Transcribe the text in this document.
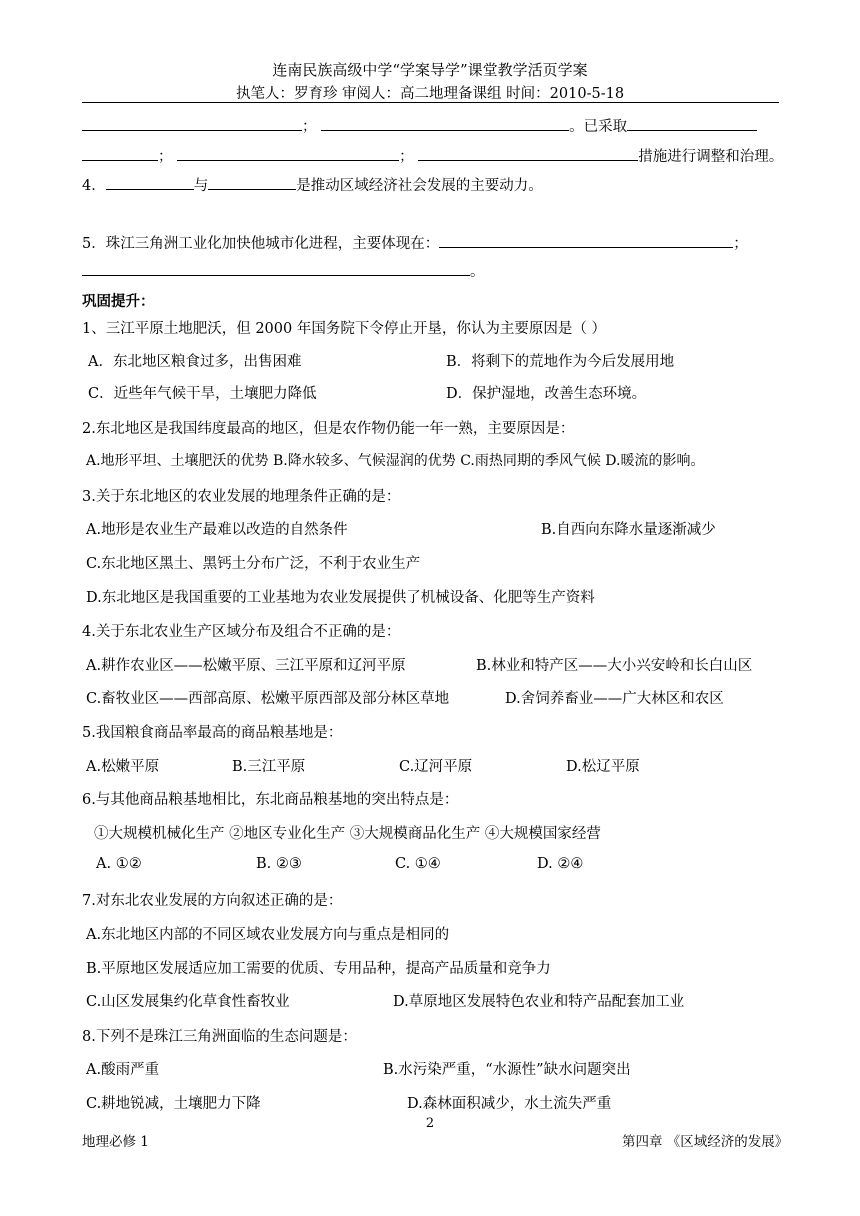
连南民族高级中学“学案导学”课堂教学活页学案
执笔人：罗育珍 审阅人：高二地理备课组 时间：2010-5-18
；	。已采取
；	；	措施进行调整和治理。
4．	与	是推动区域经济社会发展的主要动力。
5．珠江三角洲工业化加快他城市化进程，主要体现在：	；
。
巩固提升：
1、三江平原土地肥沃，但 2000 年国务院下令停止开垦，你认为主要原因是（ ）
A．东北地区粮食过多，出售困难	B．将剩下的荒地作为今后发展用地
C．近些年气候干旱，土壤肥力降低	D．保护湿地，改善生态环境。
2.东北地区是我国纬度最高的地区，但是农作物仍能一年一熟，主要原因是：
A.地形平坦、土壤肥沃的优势 B.降水较多、气候湿润的优势 C.雨热同期的季风气候 D.暖流的影响。
3.关于东北地区的农业发展的地理条件正确的是：
A.地形是农业生产最难以改造的自然条件	B.自西向东降水量逐渐减少
C.东北地区黑土、黑钙土分布广泛，不利于农业生产
D.东北地区是我国重要的工业基地为农业发展提供了机械设备、化肥等生产资料
4.关于东北农业生产区域分布及组合不正确的是：
A.耕作农业区——松嫩平原、三江平原和辽河平原	B.林业和特产区——大小兴安岭和长白山区
C.畜牧业区——西部高原、松嫩平原西部及部分林区草地	D.舍饲养畜业——广大林区和农区
5.我国粮食商品率最高的商品粮基地是：
A.松嫩平原	B.三江平原	C.辽河平原	D.松辽平原
6.与其他商品粮基地相比，东北商品粮基地的突出特点是：
①大规模机械化生产 ②地区专业化生产 ③大规模商品化生产 ④大规模国家经营
A. ①②	B. ②③	C. ①④	D. ②④
7.对东北农业发展的方向叙述正确的是：
A.东北地区内部的不同区域农业发展方向与重点是相同的
B.平原地区发展适应加工需要的优质、专用品种，提高产品质量和竞争力
C.山区发展集约化草食性畜牧业	D.草原地区发展特色农业和特产品配套加工业
8.下列不是珠江三角洲面临的生态问题是：
A.酸雨严重	B.水污染严重，“水源性”缺水问题突出
C.耕地锐减，土壤肥力下降	D.森林面积减少，水土流失严重
2
地理必修 1	第四章 《区域经济的发展》
